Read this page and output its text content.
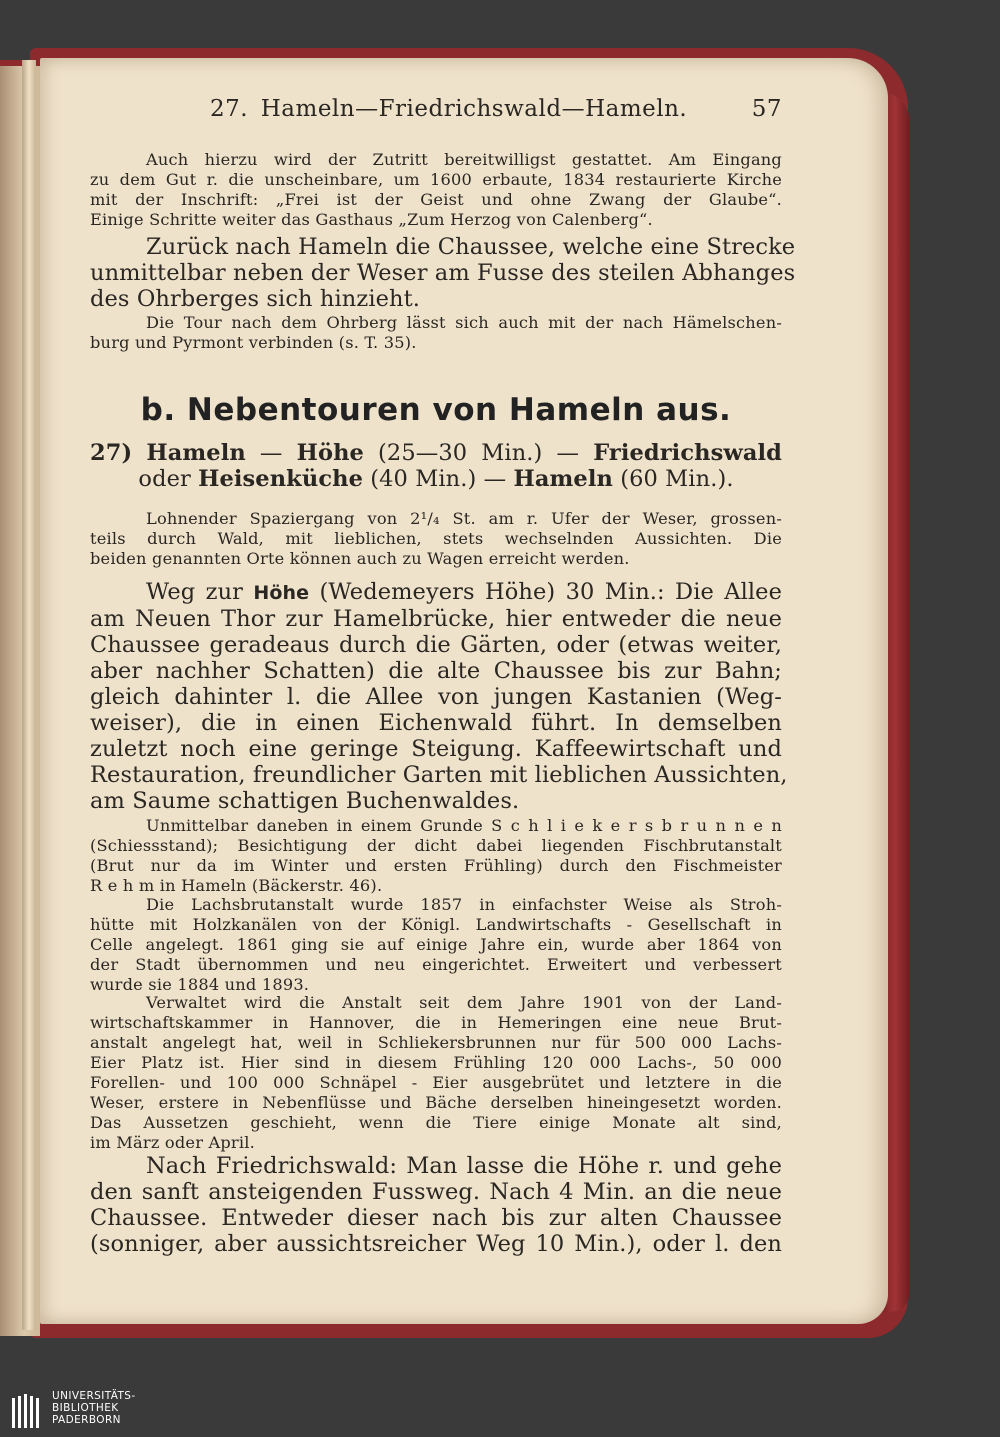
27. Hameln—Friedrichswald—Hameln.	57
Auch hierzu wird der Zutritt bereitwilligst gestattet. Am Eingang
zu dem Gut r. die unscheinbare, um 1600 erbaute, 1834 restaurierte Kirche
mit der Inschrift: „Frei ist der Geist und ohne Zwang der Glaube“.
Einige Schritte weiter das Gasthaus „Zum Herzog von Calenberg“.
Zurück nach Hameln die Chaussee, welche eine Strecke
unmittelbar neben der Weser am Fusse des steilen Abhanges
des Ohrberges sich hinzieht.
Die Tour nach dem Ohrberg lässt sich auch mit der nach Hämelschen-
burg und Pyrmont verbinden (s. T. 35).
b. Nebentouren von Hameln aus.
27) Hameln — Höhe (25—30 Min.) — Friedrichswald
oder Heisenküche (40 Min.) — Hameln (60 Min.).
Lohnender Spaziergang von 2¹/₄ St. am r. Ufer der Weser, grossen-
teils durch Wald, mit lieblichen, stets wechselnden Aussichten. Die
beiden genannten Orte können auch zu Wagen erreicht werden.
Weg zur Höhe (Wedemeyers Höhe) 30 Min.: Die Allee
am Neuen Thor zur Hamelbrücke, hier entweder die neue
Chaussee geradeaus durch die Gärten, oder (etwas weiter,
aber nachher Schatten) die alte Chaussee bis zur Bahn;
gleich dahinter l. die Allee von jungen Kastanien (Weg-
weiser), die in einen Eichenwald führt. In demselben
zuletzt noch eine geringe Steigung. Kaffeewirtschaft und
Restauration, freundlicher Garten mit lieblichen Aussichten,
am Saume schattigen Buchenwaldes.
Unmittelbar daneben in einem Grunde S c h l i e k e r s b r u n n e n
(Schiessstand); Besichtigung der dicht dabei liegenden Fischbrutanstalt
(Brut nur da im Winter und ersten Frühling) durch den Fischmeister
R e h m in Hameln (Bäckerstr. 46).
Die Lachsbrutanstalt wurde 1857 in einfachster Weise als Stroh-
hütte mit Holzkanälen von der Königl. Landwirtschafts - Gesellschaft in
Celle angelegt. 1861 ging sie auf einige Jahre ein, wurde aber 1864 von
der Stadt übernommen und neu eingerichtet. Erweitert und verbessert
wurde sie 1884 und 1893.
Verwaltet wird die Anstalt seit dem Jahre 1901 von der Land-
wirtschaftskammer in Hannover, die in Hemeringen eine neue Brut-
anstalt angelegt hat, weil in Schliekersbrunnen nur für 500 000 Lachs-
Eier Platz ist. Hier sind in diesem Frühling 120 000 Lachs-, 50 000
Forellen- und 100 000 Schnäpel - Eier ausgebrütet und letztere in die
Weser, erstere in Nebenflüsse und Bäche derselben hineingesetzt worden.
Das Aussetzen geschieht, wenn die Tiere einige Monate alt sind,
im März oder April.
Nach Friedrichswald: Man lasse die Höhe r. und gehe
den sanft ansteigenden Fussweg. Nach 4 Min. an die neue
Chaussee. Entweder dieser nach bis zur alten Chaussee
(sonniger, aber aussichtsreicher Weg 10 Min.), oder l. den
UNIVERSITÄTS-
BIBLIOTHEK
PADERBORN
